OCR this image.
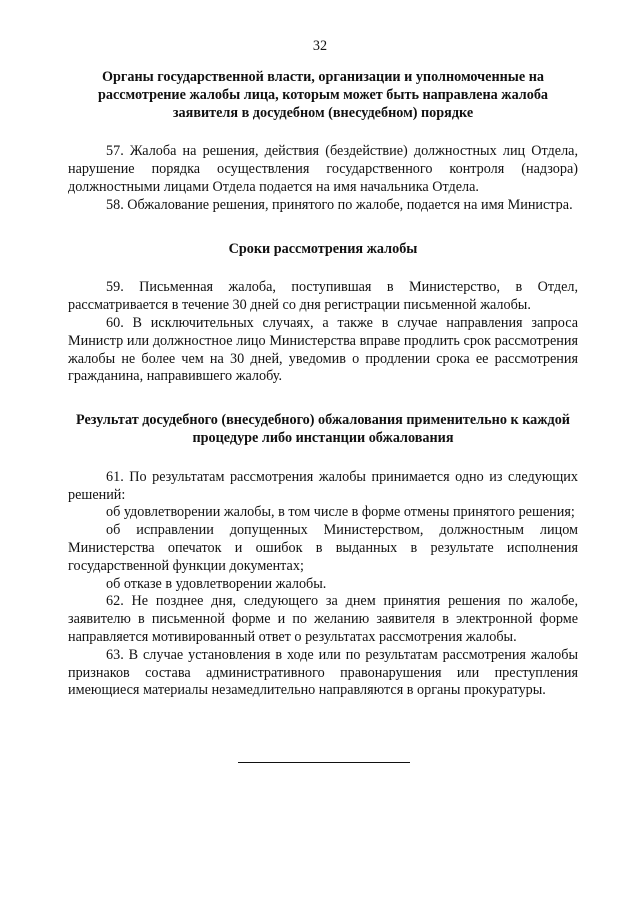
32
Органы государственной власти, организации и уполномоченные на рассмотрение жалобы лица, которым может быть направлена жалоба заявителя в досудебном (внесудебном) порядке
57. Жалоба на решения, действия (бездействие) должностных лиц Отдела, нарушение порядка осуществления государственного контроля (надзора) должностными лицами Отдела подается на имя начальника Отдела.
58. Обжалование решения, принятого по жалобе, подается на имя Министра.
Сроки рассмотрения жалобы
59. Письменная жалоба, поступившая в Министерство, в Отдел, рассматривается в течение 30 дней со дня регистрации письменной жалобы.
60. В исключительных случаях, а также в случае направления запроса Министр или должностное лицо Министерства вправе продлить срок рассмотрения жалобы не более чем на 30 дней, уведомив о продлении срока ее рассмотрения гражданина, направившего жалобу.
Результат досудебного (внесудебного) обжалования применительно к каждой процедуре либо инстанции обжалования
61. По результатам рассмотрения жалобы принимается одно из следующих решений:
об удовлетворении жалобы, в том числе в форме отмены принятого решения;
об исправлении допущенных Министерством, должностным лицом Министерства опечаток и ошибок в выданных в результате исполнения государственной функции документах;
об отказе в удовлетворении жалобы.
62. Не позднее дня, следующего за днем принятия решения по жалобе, заявителю в письменной форме и по желанию заявителя в электронной форме направляется мотивированный ответ о результатах рассмотрения жалобы.
63. В случае установления в ходе или по результатам рассмотрения жалобы признаков состава административного правонарушения или преступления имеющиеся материалы незамедлительно направляются в органы прокуратуры.
